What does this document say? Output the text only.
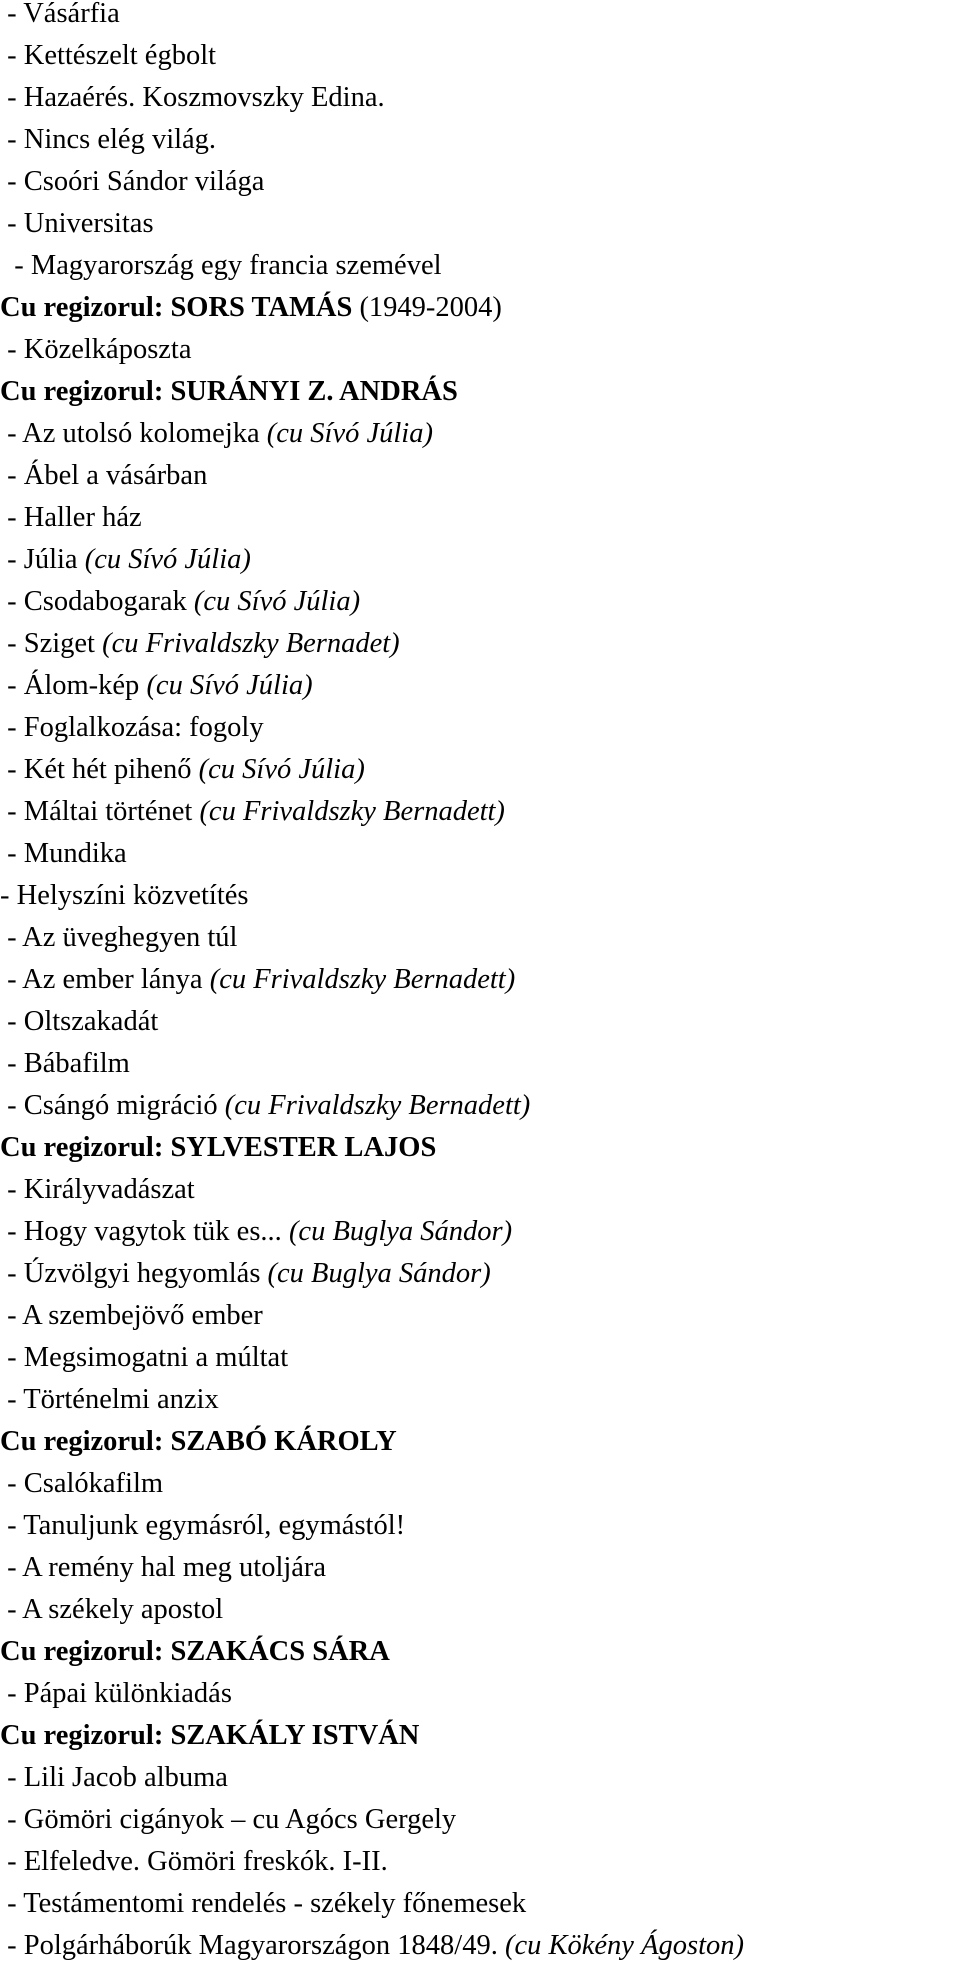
- Vásárfia
- Kettészelt égbolt
- Hazaérés. Koszmovszky Edina.
- Nincs elég világ.
- Csoóri Sándor világa
- Universitas
- Magyarország egy francia szemével
Cu regizorul: SORS TAMÁS (1949-2004)
- Közelkáposzta
Cu regizorul: SURÁNYI Z. ANDRÁS
- Az utolsó kolomejka (cu Sívó Júlia)
- Ábel a vásárban
- Haller ház
- Júlia (cu Sívó Júlia)
- Csodabogarak (cu Sívó Júlia)
- Sziget (cu Frivaldszky Bernadet)
- Álom-kép (cu Sívó Júlia)
- Foglalkozása: fogoly
- Két hét pihenő (cu Sívó Júlia)
- Máltai történet (cu Frivaldszky Bernadett)
- Mundika
- Helyszíni közvetítés
- Az üveghegyen túl
- Az ember lánya (cu Frivaldszky Bernadett)
- Oltszakadát
- Bábafilm
- Csángó migráció (cu Frivaldszky Bernadett)
Cu regizorul: SYLVESTER LAJOS
- Királyvadászat
- Hogy vagytok tük es... (cu Buglya Sándor)
- Úzvölgyi hegyomlás (cu Buglya Sándor)
- A szembejövő ember
- Megsimogatni a múltat
- Történelmi anzix
Cu regizorul: SZABÓ KÁROLY
- Csalókafilm
- Tanuljunk egymásról, egymástól!
- A remény hal meg utoljára
- A székely apostol
Cu regizorul: SZAKÁCS SÁRA
- Pápai különkiadás
Cu regizorul: SZAKÁLY ISTVÁN
- Lili Jacob albuma
- Gömöri cigányok – cu Agócs Gergely
- Elfeledve. Gömöri freskók. I-II.
- Testámentomi rendelés - székely főnemesek
- Polgárháborúk Magyarországon 1848/49. (cu Kökény Ágoston)
